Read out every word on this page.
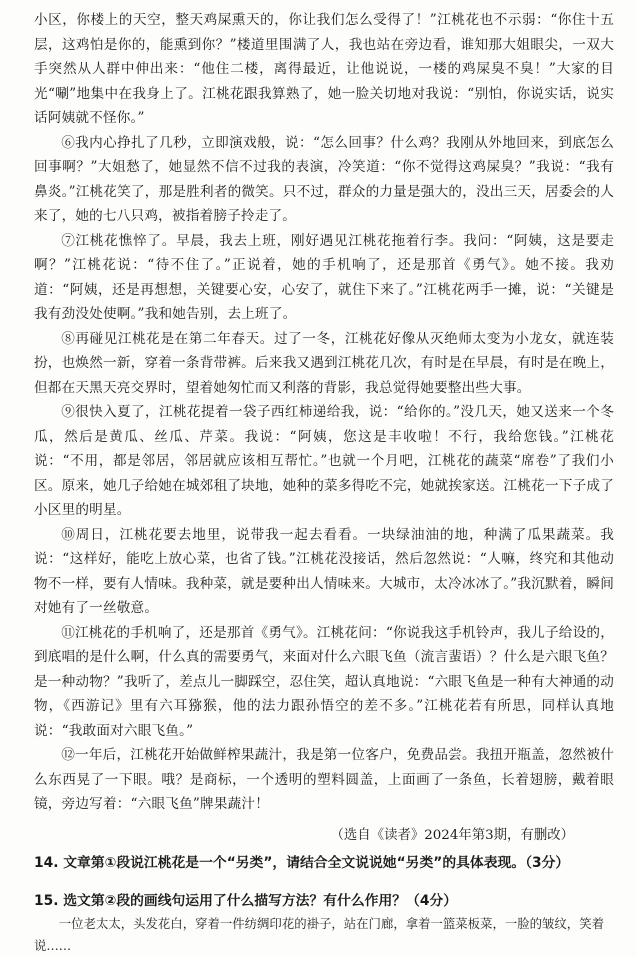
小区，你楼上的天空，整天鸡屎熏天的，你让我们怎么受得了！”江桃花也不示弱：“你住十五层，这鸡怕是你的，能熏到你？”楼道里围满了人，我也站在旁边看，谁知那大姐眼尖，一双大手突然从人群中伸出来：“他住二楼，离得最近，让他说说，一楼的鸡屎臭不臭！”大家的目光“唰”地集中在我身上了。江桃花跟我算熟了，她一脸关切地对我说：“别怕，你说实话，说实话阿姨就不怪你。”

⑥我内心挣扎了几秒，立即演戏般，说：“怎么回事？什么鸡？我刚从外地回来，到底怎么回事啊？”大姐愁了，她显然不信不过我的表演，冷笑道：“你不觉得这鸡屎臭？”我说：“我有鼻炎。”江桃花笑了，那是胜利者的微笑。只不过，群众的力量是强大的，没出三天，居委会的人来了，她的七八只鸡，被指着膀子拎走了。

⑦江桃花憔悴了。早晨，我去上班，刚好遇见江桃花拖着行李。我问：“阿姨，这是要走啊？”江桃花说：“待不住了。”正说着，她的手机响了，还是那首《勇气》。她不接。我劝道：“阿姨，还是再想想，关键要心安，心安了，就住下来了。”江桃花两手一摊，说：“关键是我有劲没处使啊。”我和她告别，去上班了。

⑧再碰见江桃花是在第二年春天。过了一冬，江桃花好像从灭绝师太变为小龙女，就连装扮，也焕然一新，穿着一条背带裤。后来我又遇到江桃花几次，有时是在早晨，有时是在晚上，但都在天黑天亮交界时，望着她匆忙而又利落的背影，我总觉得她要整出些大事。

⑨很快入夏了，江桃花提着一袋子西红柿递给我，说：“给你的。”没几天，她又送来一个冬瓜，然后是黄瓜、丝瓜、芹菜。我说：“阿姨，您这是丰收啦！不行，我给您钱。”江桃花说：“不用，都是邻居，邻居就应该相互帮忙。”也就一个月吧，江桃花的蔬菜“席卷”了我们小区。原来，她几子给她在城郊租了块地，她种的菜多得吃不完，她就挨家送。江桃花一下子成了小区里的明星。

⑩周日，江桃花要去地里，说带我一起去看看。一块绿油油的地，种满了瓜果蔬菜。我说：“这样好，能吃上放心菜，也省了钱。”江桃花没接话，然后忽然说：“人嘛，终究和其他动物不一样，要有人情味。我种菜，就是要种出人情味来。大城市，太冷冰冰了。”我沉默着，瞬间对她有了一丝敬意。

⑪江桃花的手机响了，还是那首《勇气》。江桃花问：“你说我这手机铃声，我儿子给设的，到底唱的是什么啊，什么真的需要勇气，来面对什么六眼飞鱼（流言蜚语）？什么是六眼飞鱼？是一种动物？”我听了，差点儿一脚踩空，忍住笑，超认真地说：“六眼飞鱼是一种有大神通的动物，《西游记》里有六耳猕猴，他的法力跟孙悟空的差不多。”江桃花若有所思，同样认真地说：“我敢面对六眼飞鱼。”

⑫一年后，江桃花开始做鲜榨果蔬汁，我是第一位客户，免费品尝。我扭开瓶盖，忽然被什么东西晃了一下眼。哦？是商标，一个透明的塑料圆盖，上面画了一条鱼，长着翅膀，戴着眼镜，旁边写着：“六眼飞鱼”牌果蔬汁！

（选自《读者》2024年第3期，有删改）

14. 文章第①段说江桃花是一个“另类”，请结合全文说说她“另类”的具体表现。（3分）

15. 选文第②段的画线句运用了什么描写方法？有什么作用？（4分）

一位老太太，头发花白，穿着一件纺绸印花的褂子，站在门廊，拿着一篮菜板菜，一脸的皱纹，笑着说……
